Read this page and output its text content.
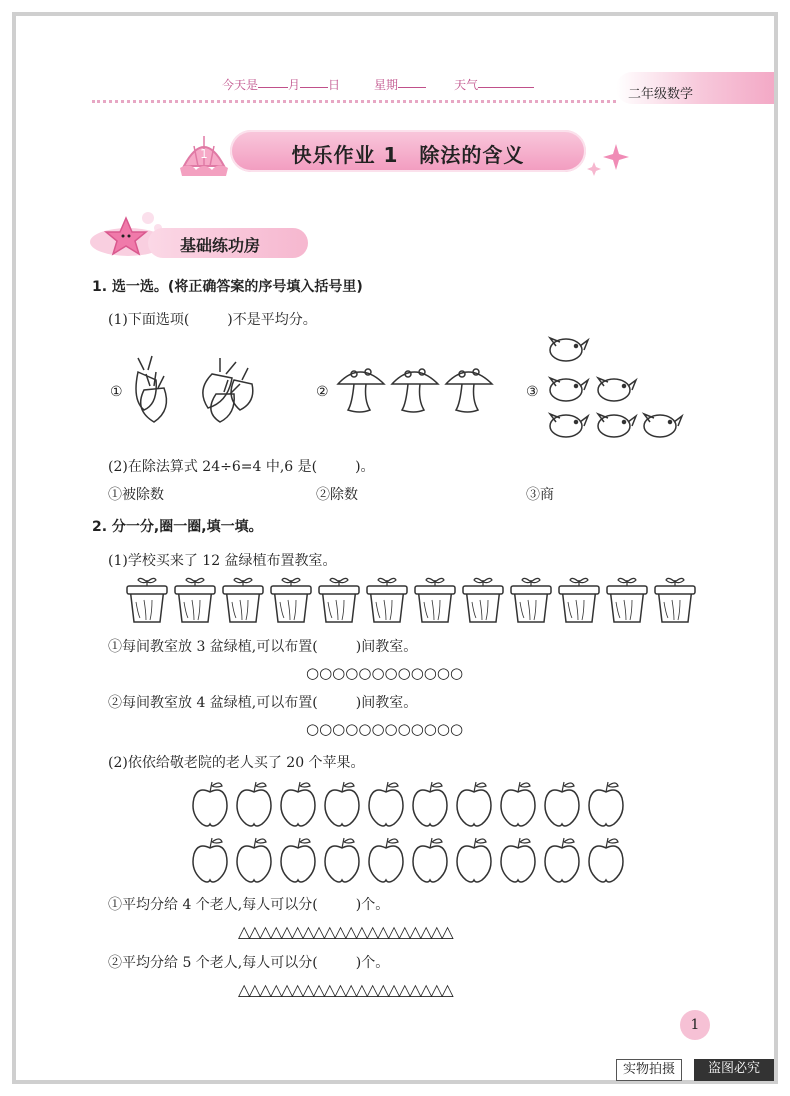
今天是	月 日	星期	天气
二年级数学
1	快乐作业 1　除法的含义
基础练功房
1. 选一选。(将正确答案的序号填入括号里)
(1)下面选项(	)不是平均分。
①	②	③
(2)在除法算式 24÷6=4 中,6 是(	)。
①被除数	②除数	③商
2. 分一分,圈一圈,填一填。
(1)学校买来了 12 盆绿植布置教室。
①每间教室放 3 盆绿植,可以布置(	)间教室。
○○○○○○○○○○○○
②每间教室放 4 盆绿植,可以布置(	)间教室。
○○○○○○○○○○○○
(2)依依给敬老院的老人买了 20 个苹果。
①平均分给 4 个老人,每人可以分(	)个。
△△△△△△△△△△△△△△△△△△△△
②平均分给 5 个老人,每人可以分(	)个。
△△△△△△△△△△△△△△△△△△△△
1
实物拍摄	盗图必究
